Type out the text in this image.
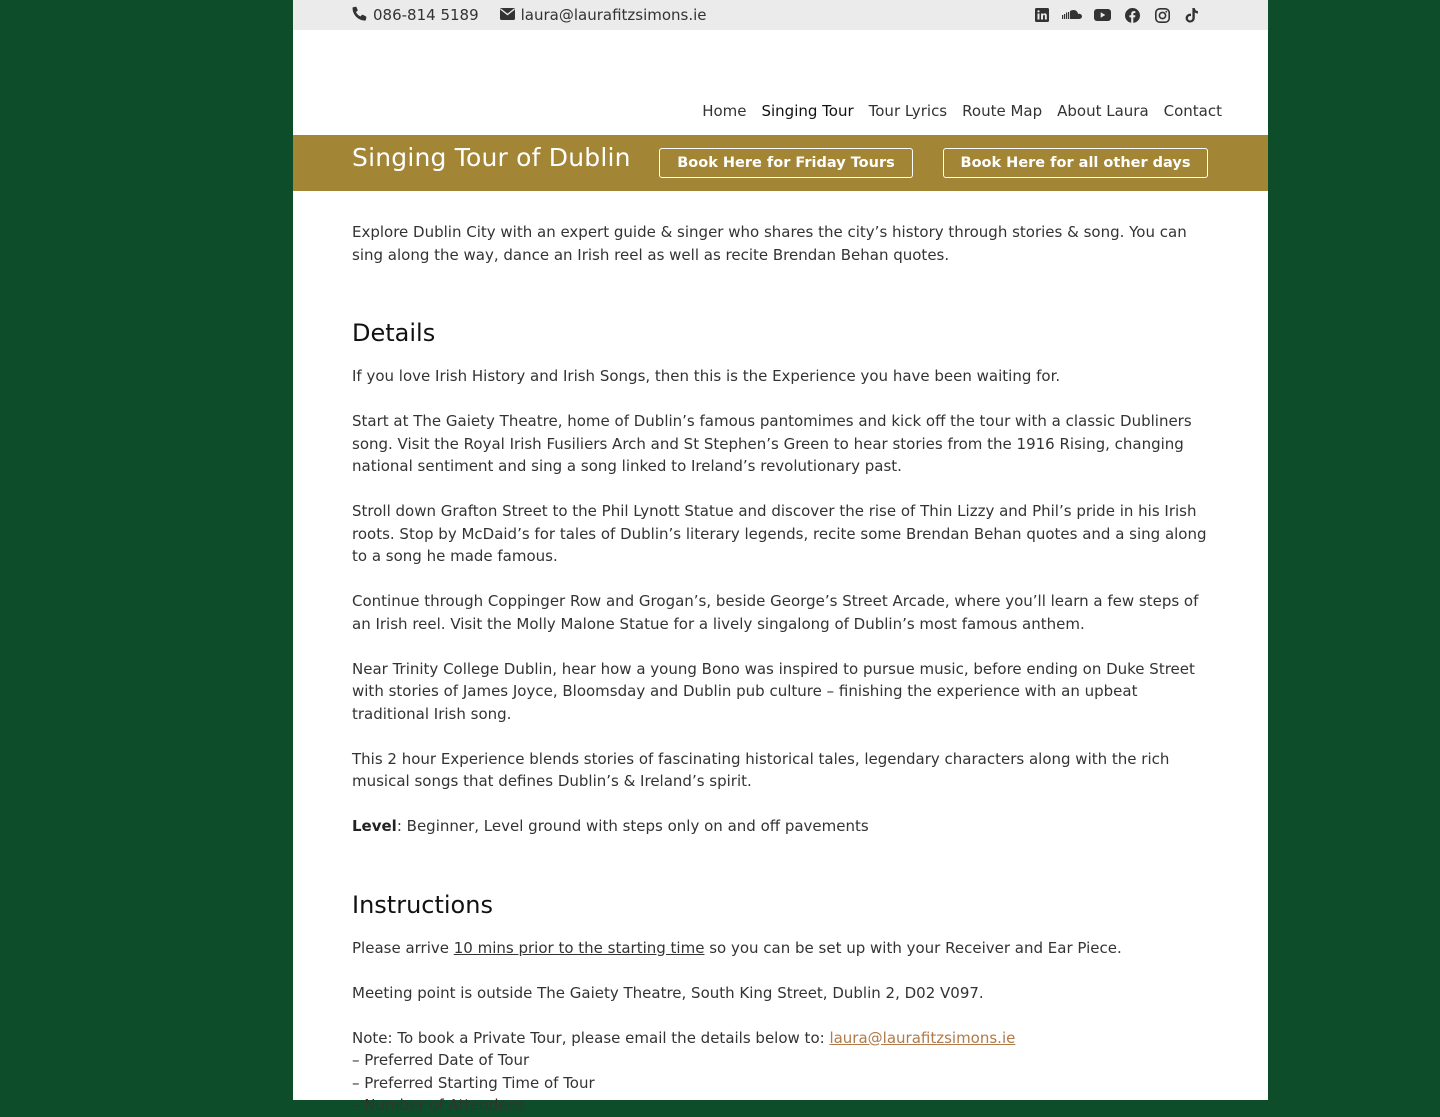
086-814 5189	laura@laurafitzsimons.ie
Home Singing Tour Tour Lyrics Route Map About Laura Contact
Singing Tour of Dublin	Book Here for Friday Tours	Book Here for all other days

Explore Dublin City with an expert guide & singer who shares the city’s history through stories & song. You can sing along the way, dance an Irish reel as well as recite Brendan Behan quotes.

Details

If you love Irish History and Irish Songs, then this is the Experience you have been waiting for.

Start at The Gaiety Theatre, home of Dublin’s famous pantomimes and kick off the tour with a classic Dubliners song. Visit the Royal Irish Fusiliers Arch and St Stephen’s Green to hear stories from the 1916 Rising, changing national sentiment and sing a song linked to Ireland’s revolutionary past.

Stroll down Grafton Street to the Phil Lynott Statue and discover the rise of Thin Lizzy and Phil’s pride in his Irish roots. Stop by McDaid’s for tales of Dublin’s literary legends, recite some Brendan Behan quotes and a sing along to a song he made famous.

Continue through Coppinger Row and Grogan’s, beside George’s Street Arcade, where you’ll learn a few steps of an Irish reel. Visit the Molly Malone Statue for a lively singalong of Dublin’s most famous anthem.

Near Trinity College Dublin, hear how a young Bono was inspired to pursue music, before ending on Duke Street with stories of James Joyce, Bloomsday and Dublin pub culture – finishing the experience with an upbeat traditional Irish song.

This 2 hour Experience blends stories of fascinating historical tales, legendary characters along with the rich musical songs that defines Dublin’s & Ireland’s spirit.

Level: Beginner, Level ground with steps only on and off pavements

Instructions

Please arrive 10 mins prior to the starting time so you can be set up with your Receiver and Ear Piece.

Meeting point is outside The Gaiety Theatre, South King Street, Dublin 2, D02 V097.

Note: To book a Private Tour, please email the details below to: laura@laurafitzsimons.ie
– Preferred Date of Tour
– Preferred Starting Time of Tour
– Number of Attendees
